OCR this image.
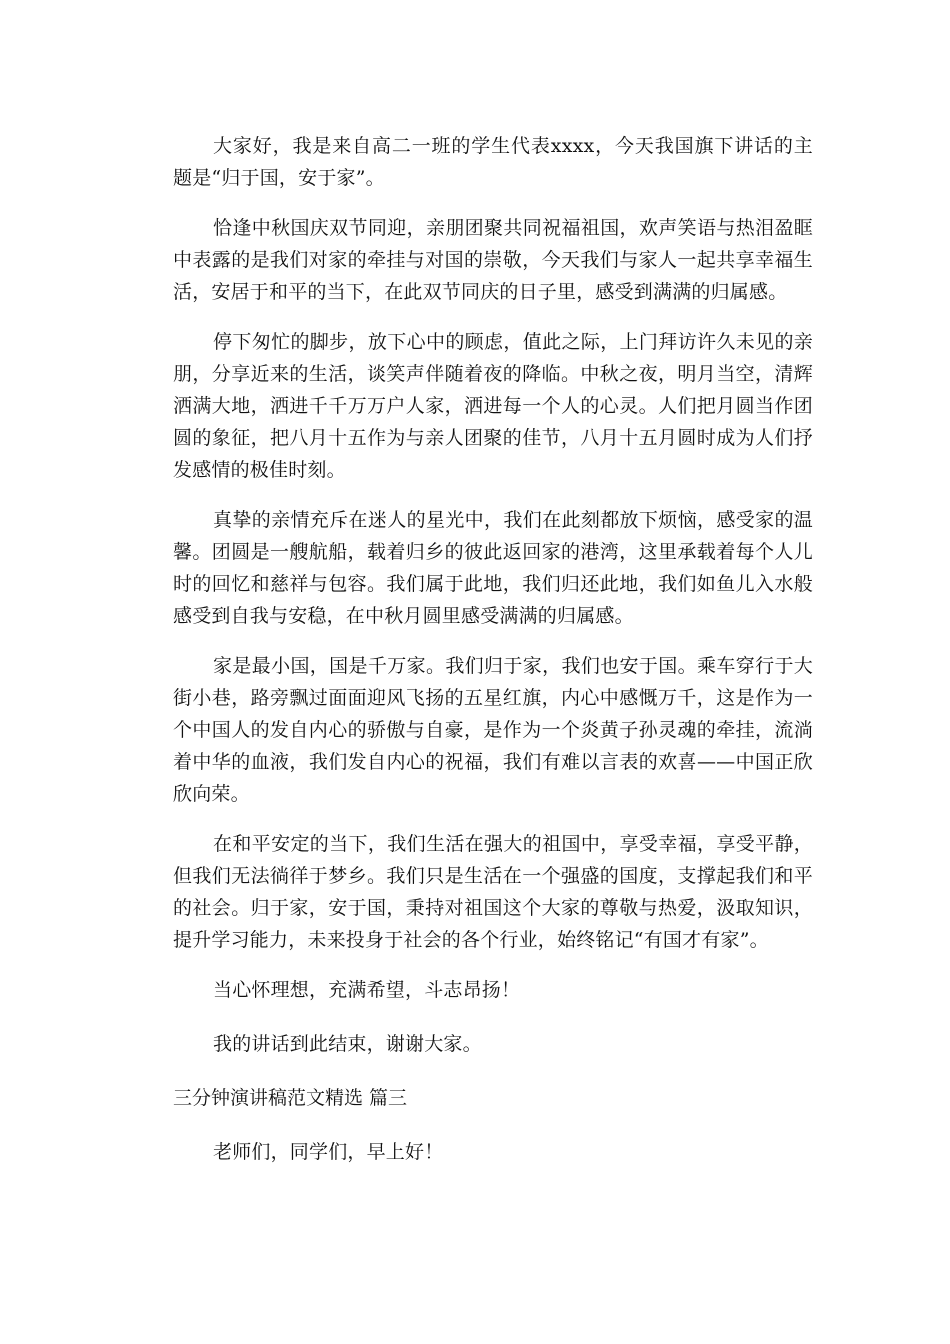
大家好，我是来自高二一班的学生代表xxxx，今天我国旗下讲话的主题是“归于国，安于家”。

恰逢中秋国庆双节同迎，亲朋团聚共同祝福祖国，欢声笑语与热泪盈眶中表露的是我们对家的牵挂与对国的崇敬，今天我们与家人一起共享幸福生活，安居于和平的当下，在此双节同庆的日子里，感受到满满的归属感。

停下匆忙的脚步，放下心中的顾虑，值此之际，上门拜访许久未见的亲朋，分享近来的生活，谈笑声伴随着夜的降临。中秋之夜，明月当空，清辉洒满大地，洒进千千万万户人家，洒进每一个人的心灵。人们把月圆当作团圆的象征，把八月十五作为与亲人团聚的佳节，八月十五月圆时成为人们抒发感情的极佳时刻。

真挚的亲情充斥在迷人的星光中，我们在此刻都放下烦恼，感受家的温馨。团圆是一艘航船，载着归乡的彼此返回家的港湾，这里承载着每个人儿时的回忆和慈祥与包容。我们属于此地，我们归还此地，我们如鱼儿入水般感受到自我与安稳，在中秋月圆里感受满满的归属感。

家是最小国，国是千万家。我们归于家，我们也安于国。乘车穿行于大街小巷，路旁飘过面面迎风飞扬的五星红旗，内心中感慨万千，这是作为一个中国人的发自内心的骄傲与自豪，是作为一个炎黄子孙灵魂的牵挂，流淌着中华的血液，我们发自内心的祝福，我们有难以言表的欢喜——中国正欣欣向荣。

在和平安定的当下，我们生活在强大的祖国中，享受幸福，享受平静，但我们无法徜徉于梦乡。我们只是生活在一个强盛的国度，支撑起我们和平的社会。归于家，安于国，秉持对祖国这个大家的尊敬与热爱，汲取知识，提升学习能力，未来投身于社会的各个行业，始终铭记“有国才有家”。

当心怀理想，充满希望，斗志昂扬！

我的讲话到此结束，谢谢大家。

三分钟演讲稿范文精选 篇三

老师们，同学们，早上好！
